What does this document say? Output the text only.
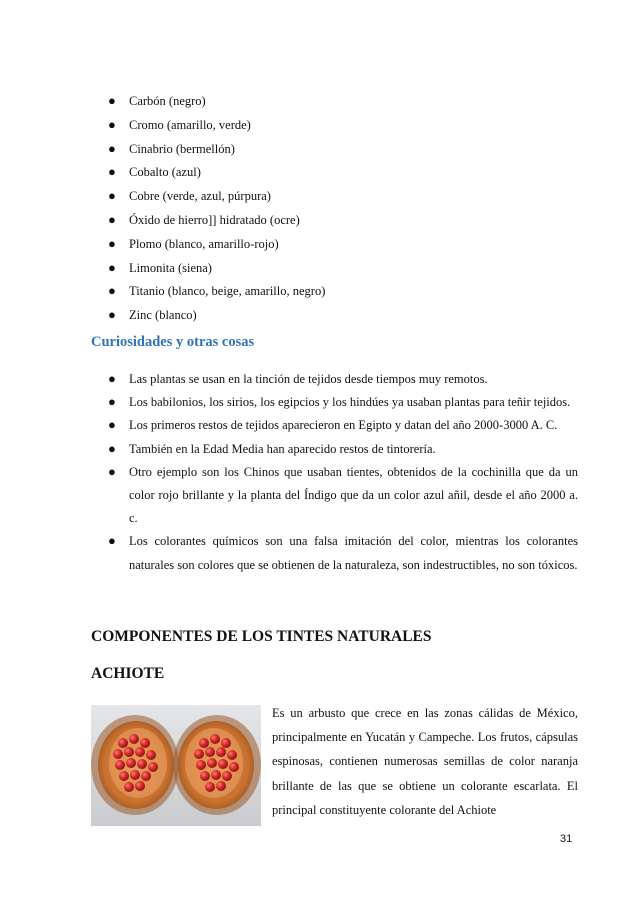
● Carbón (negro)
● Cromo (amarillo, verde)
● Cinabrio (bermellón)
● Cobalto (azul)
● Cobre (verde, azul, púrpura)
● Óxido de hierro]] hidratado (ocre)
● Plomo (blanco, amarillo-rojo)
● Limonita (siena)
● Titanio (blanco, beige, amarillo, negro)
● Zinc (blanco)
Curiosidades y otras cosas
● Las plantas se usan en la tinción de tejidos desde tiempos muy remotos.
● Los babilonios, los sirios, los egipcios y los hindúes ya usaban plantas para teñir tejidos.
● Los primeros restos de tejidos aparecieron en Egipto y datan del año 2000-3000 A. C.
● También en la Edad Media han aparecido restos de tintorería.
● Otro ejemplo son los Chinos que usaban tientes, obtenidos de la cochinilla que da un color rojo brillante y la planta del Índigo que da un color azul añil, desde el año 2000 a. c.
● Los colorantes químicos son una falsa imitación del color, mientras los colorantes naturales son colores que se obtienen de la naturaleza, son indestructibles, no son tóxicos.
COMPONENTES DE LOS TINTES NATURALES
ACHIOTE

Es un arbusto que crece en las zonas cálidas de México, principalmente en Yucatán y Campeche. Los frutos, cápsulas espinosas, contienen numerosas semillas de color naranja brillante de las que se obtiene un colorante escarlata. El principal constituyente colorante del Achiote

31
